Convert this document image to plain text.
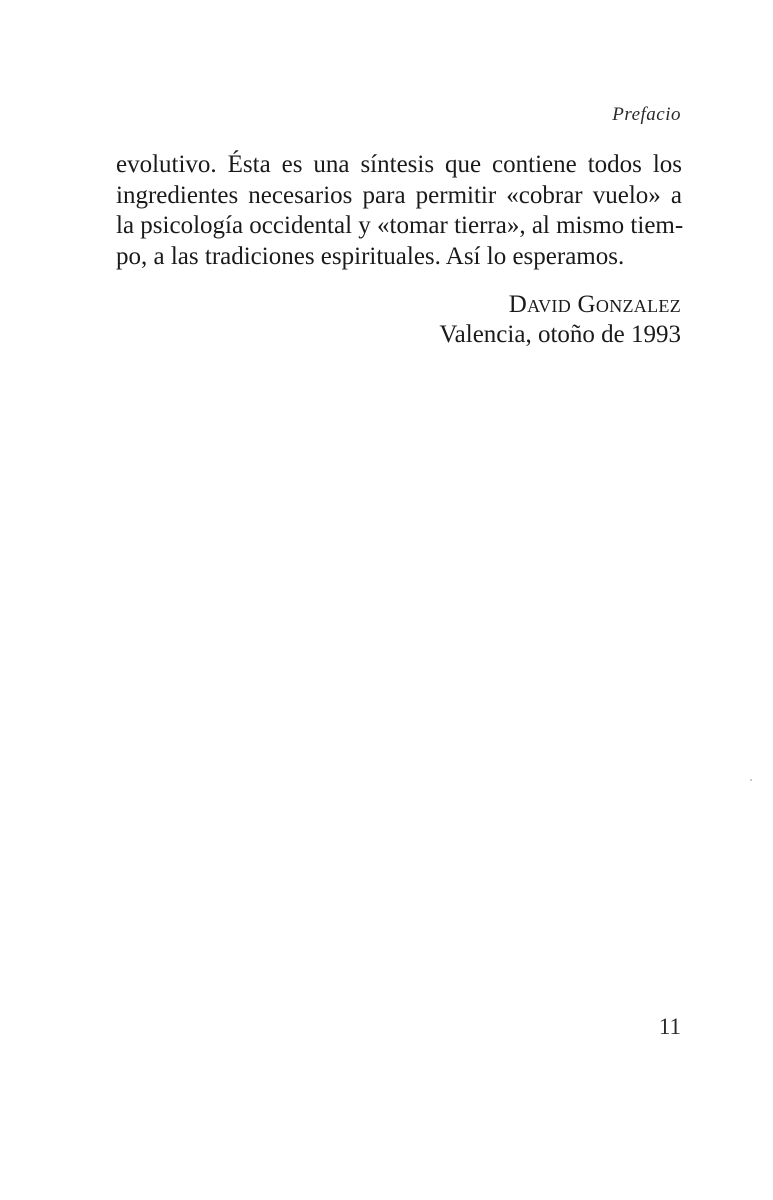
Prefacio

evolutivo. Ésta es una síntesis que contiene todos los
ingredientes necesarios para permitir «cobrar vuelo» a
la psicología occidental y «tomar tierra», al mismo tiem-
po, a las tradiciones espirituales. Así lo esperamos.

David Gonzalez
Valencia, otoño de 1993
11
